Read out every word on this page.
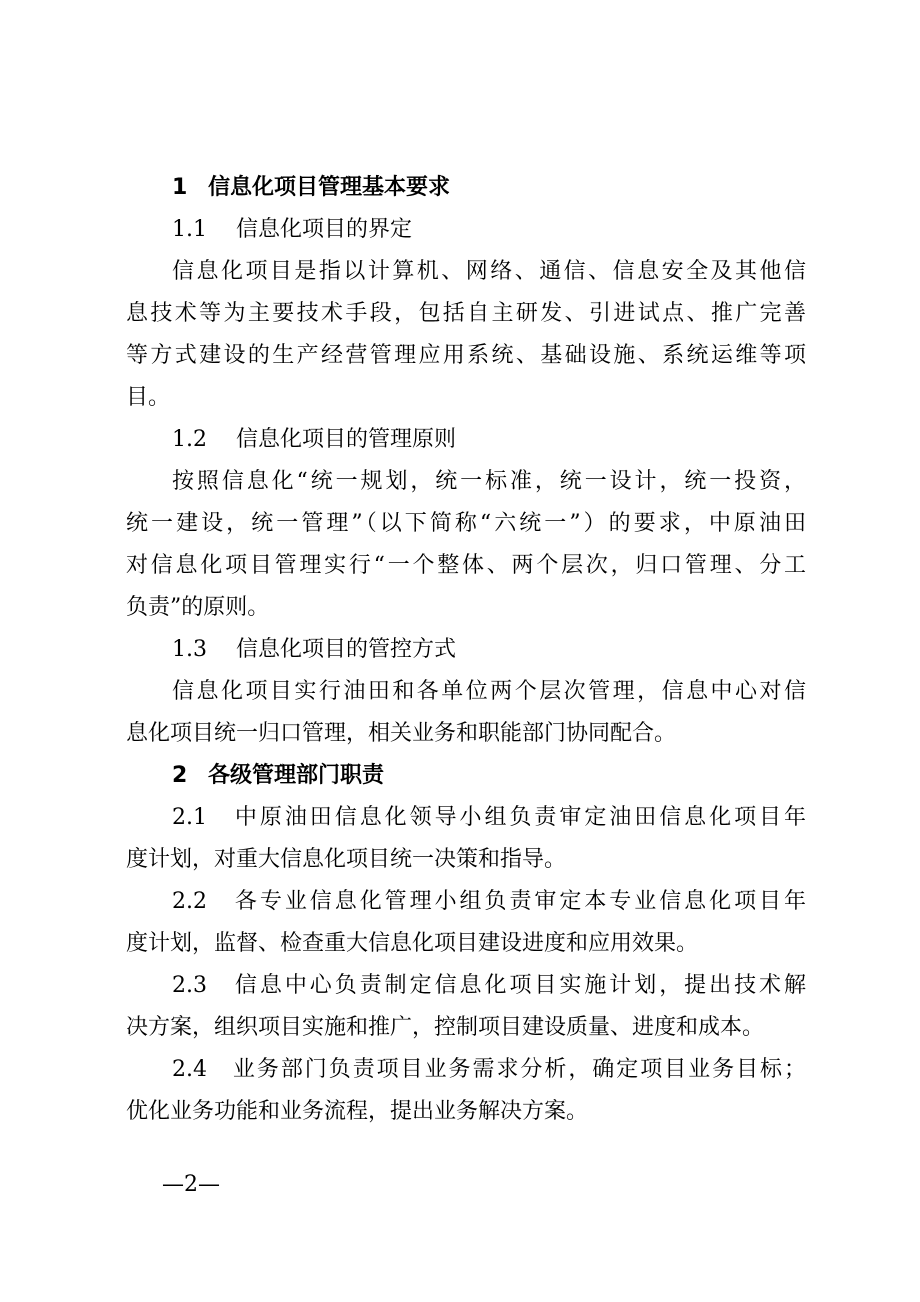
1 信息化项目管理基本要求
1.1 信息化项目的界定
信息化项目是指以计算机、网络、通信、信息安全及其他信
息技术等为主要技术手段，包括自主研发、引进试点、推广完善
等方式建设的生产经营管理应用系统、基础设施、系统运维等项
目。
1.2 信息化项目的管理原则
按照信息化“统一规划，统一标准，统一设计，统一投资，
统一建设，统一管理”（以下简称“六统一”）的要求，中原油田
对信息化项目管理实行“一个整体、两个层次，归口管理、分工
负责”的原则。
1.3 信息化项目的管控方式
信息化项目实行油田和各单位两个层次管理，信息中心对信
息化项目统一归口管理，相关业务和职能部门协同配合。
2 各级管理部门职责
2.1　中原油田信息化领导小组负责审定油田信息化项目年
度计划，对重大信息化项目统一决策和指导。
2.2　各专业信息化管理小组负责审定本专业信息化项目年
度计划，监督、检查重大信息化项目建设进度和应用效果。
2.3　信息中心负责制定信息化项目实施计划，提出技术解
决方案，组织项目实施和推广，控制项目建设质量、进度和成本。
2.4　业务部门负责项目业务需求分析，确定项目业务目标；
优化业务功能和业务流程，提出业务解决方案。
—2—
